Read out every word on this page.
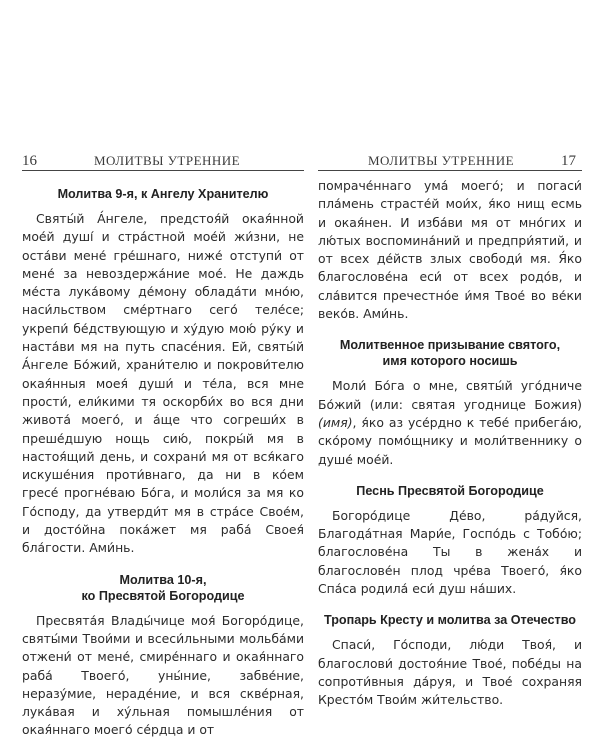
16	МОЛИТВЫ УТРЕННИЕ	МОЛИТВЫ УТРЕННИЕ	17
Молитва 9-я, к Ангелу Хранителю

Святы́й А́нгеле, предстоя́й окая́нной мое́й душі́ и стра́стной мое́й жи́зни, не оста́ви мене́ гре́шнаго, ниже́ отступи́ от мене́ за невоздержа́ние мое́. Не даждь ме́ста лука́вому де́мону облада́ти мно́ю, наси́льством сме́ртнаго сего́ теле́се; укрепи́ бе́дствующую и ху́дую мою́ ру́ку и наста́ви мя на путь спасе́ния. Ей, святы́й А́нгеле Бо́жий, храни́телю и покрови́телю окая́нныя моея́ души́ и те́ла, вся мне прости́, ели́кими тя оскорби́х во вся дни живота́ моего́, и а́ще что согреши́х в преше́дшую нощь сию́, покры́й мя в настоя́щий день, и сохрани́ мя от вся́каго искуше́ния проти́внаго, да ни в ко́ем гресе́ прогне́ваю Бо́га, и моли́ся за мя ко Го́споду, да утверди́т мя в стра́се Свое́м, и досто́йна пока́жет мя раба́ Своея́ бла́гости. Ами́нь.

Молитва 10-я,
ко Пресвятой Богородице

Пресвята́я Влады́чице моя́ Богоро́дице, святы́ми Твои́ми и всеси́льными мольба́ми отжени́ от мене́, смире́ннаго и окая́ннаго раба́ Твоего́, уны́ние, забве́ние, неразу́мие, нераде́ние, и вся скве́рная, лука́вая и ху́льная помышле́ния от окая́ннаго моего́ се́рдца и от

помраче́ннаго ума́ моего́; и погаси́ пла́мень страсте́й мои́х, я́ко нищ есмь и окая́нен. И изба́ви мя от мно́гих и лю́тых воспомина́ний и предпри́ятий, и от всех де́йств злых свободи́ мя. Я́ко благослове́на еси́ от всех родо́в, и сла́вится пречестно́е и́мя Твое́ во ве́ки веко́в. Ами́нь.

Молитвенное призывание святого,
имя которого носишь

Моли́ Бо́га о мне, святы́й уго́дниче Бо́жий (или: святая угоднице Божия) (имя), я́ко аз усе́рдно к тебе́ прибега́ю, ско́рому помо́щнику и моли́твеннику о душе́ мое́й.

Песнь Пресвятой Богородице

Богоро́дице Де́во, ра́дуйся, Благода́тная Мари́е, Госпо́дь с Тобо́ю; благослове́на Ты в жена́х и благослове́н плод чре́ва Твоего́, я́ко Спа́са родила́ еси́ душ на́ших.

Тропарь Кресту и молитва за Отечество

Спаси́, Го́споди, лю́ди Твоя́, и благослови́ достоя́ние Твое́, побе́ды на сопроти́вныя да́руя, и Твое́ сохраняя Кресто́м Твои́м жи́тельство.
